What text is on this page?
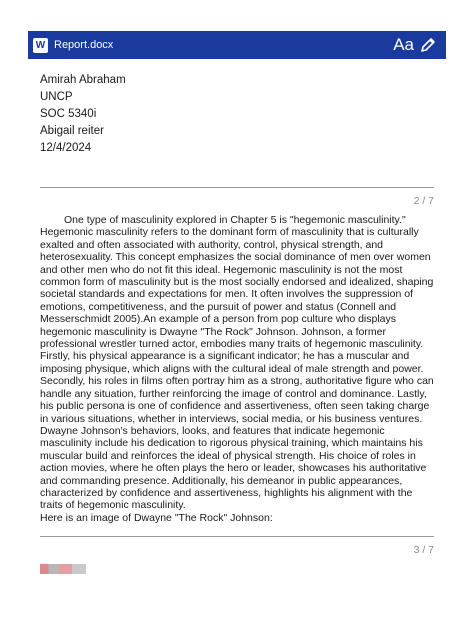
W Report.docx	Aa
Amirah Abraham
UNCP
SOC 5340i
Abigail reiter
12/4/2024
2 / 7

One type of masculinity explored in Chapter 5 is "hegemonic masculinity." Hegemonic masculinity refers to the dominant form of masculinity that is culturally exalted and often associated with authority, control, physical strength, and heterosexuality. This concept emphasizes the social dominance of men over women and other men who do not fit this ideal. Hegemonic masculinity is not the most common form of masculinity but is the most socially endorsed and idealized, shaping societal standards and expectations for men. It often involves the suppression of emotions, competitiveness, and the pursuit of power and status (Connell and Messerschmidt 2005).An example of a person from pop culture who displays hegemonic masculinity is Dwayne "The Rock" Johnson. Johnson, a former professional wrestler turned actor, embodies many traits of hegemonic masculinity. Firstly, his physical appearance is a significant indicator; he has a muscular and imposing physique, which aligns with the cultural ideal of male strength and power. Secondly, his roles in films often portray him as a strong, authoritative figure who can handle any situation, further reinforcing the image of control and dominance. Lastly, his public persona is one of confidence and assertiveness, often seen taking charge in various situations, whether in interviews, social media, or his business ventures.

Dwayne Johnson's behaviors, looks, and features that indicate hegemonic masculinity include his dedication to rigorous physical training, which maintains his muscular build and reinforces the ideal of physical strength. His choice of roles in action movies, where he often plays the hero or leader, showcases his authoritative and commanding presence. Additionally, his demeanor in public appearances, characterized by confidence and assertiveness, highlights his alignment with the traits of hegemonic masculinity.

Here is an image of Dwayne "The Rock" Johnson:

3 / 7
